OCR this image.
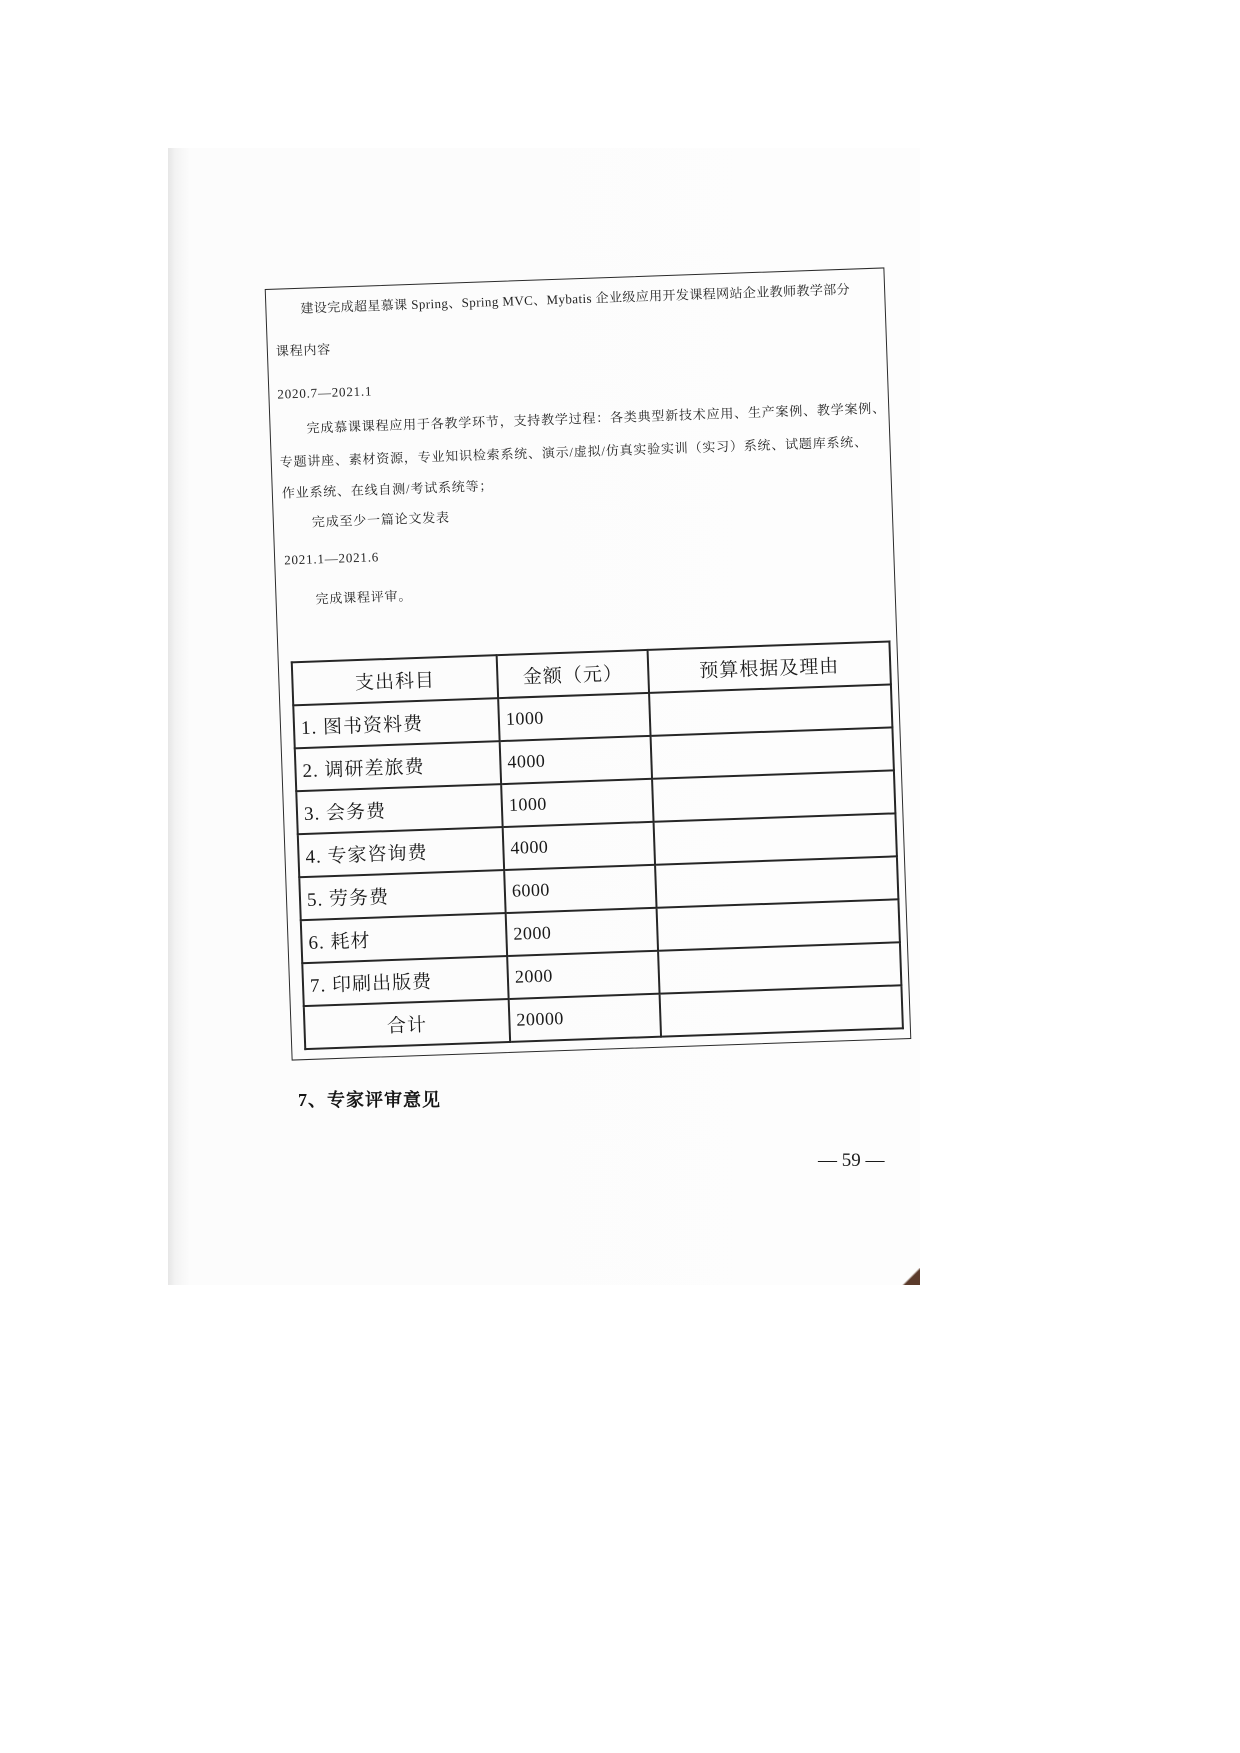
建设完成超星慕课 Spring、Spring MVC、Mybatis 企业级应用开发课程网站企业教师教学部分
课程内容
2020.7—2021.1
完成慕课课程应用于各教学环节，支持教学过程：各类典型新技术应用、生产案例、教学案例、
专题讲座、素材资源，专业知识检索系统、演示/虚拟/仿真实验实训（实习）系统、试题库系统、
作业系统、在线自测/考试系统等；
完成至少一篇论文发表
2021.1—2021.6
完成课程评审。
支出科目	金额（元）	预算根据及理由
1. 图书资料费	1000	
2. 调研差旅费	4000	
3. 会务费	1000	
4. 专家咨询费	4000	
5. 劳务费	6000	
6. 耗材	2000	
7. 印刷出版费	2000	
合计	20000	
7、专家评审意见
— 59 —
